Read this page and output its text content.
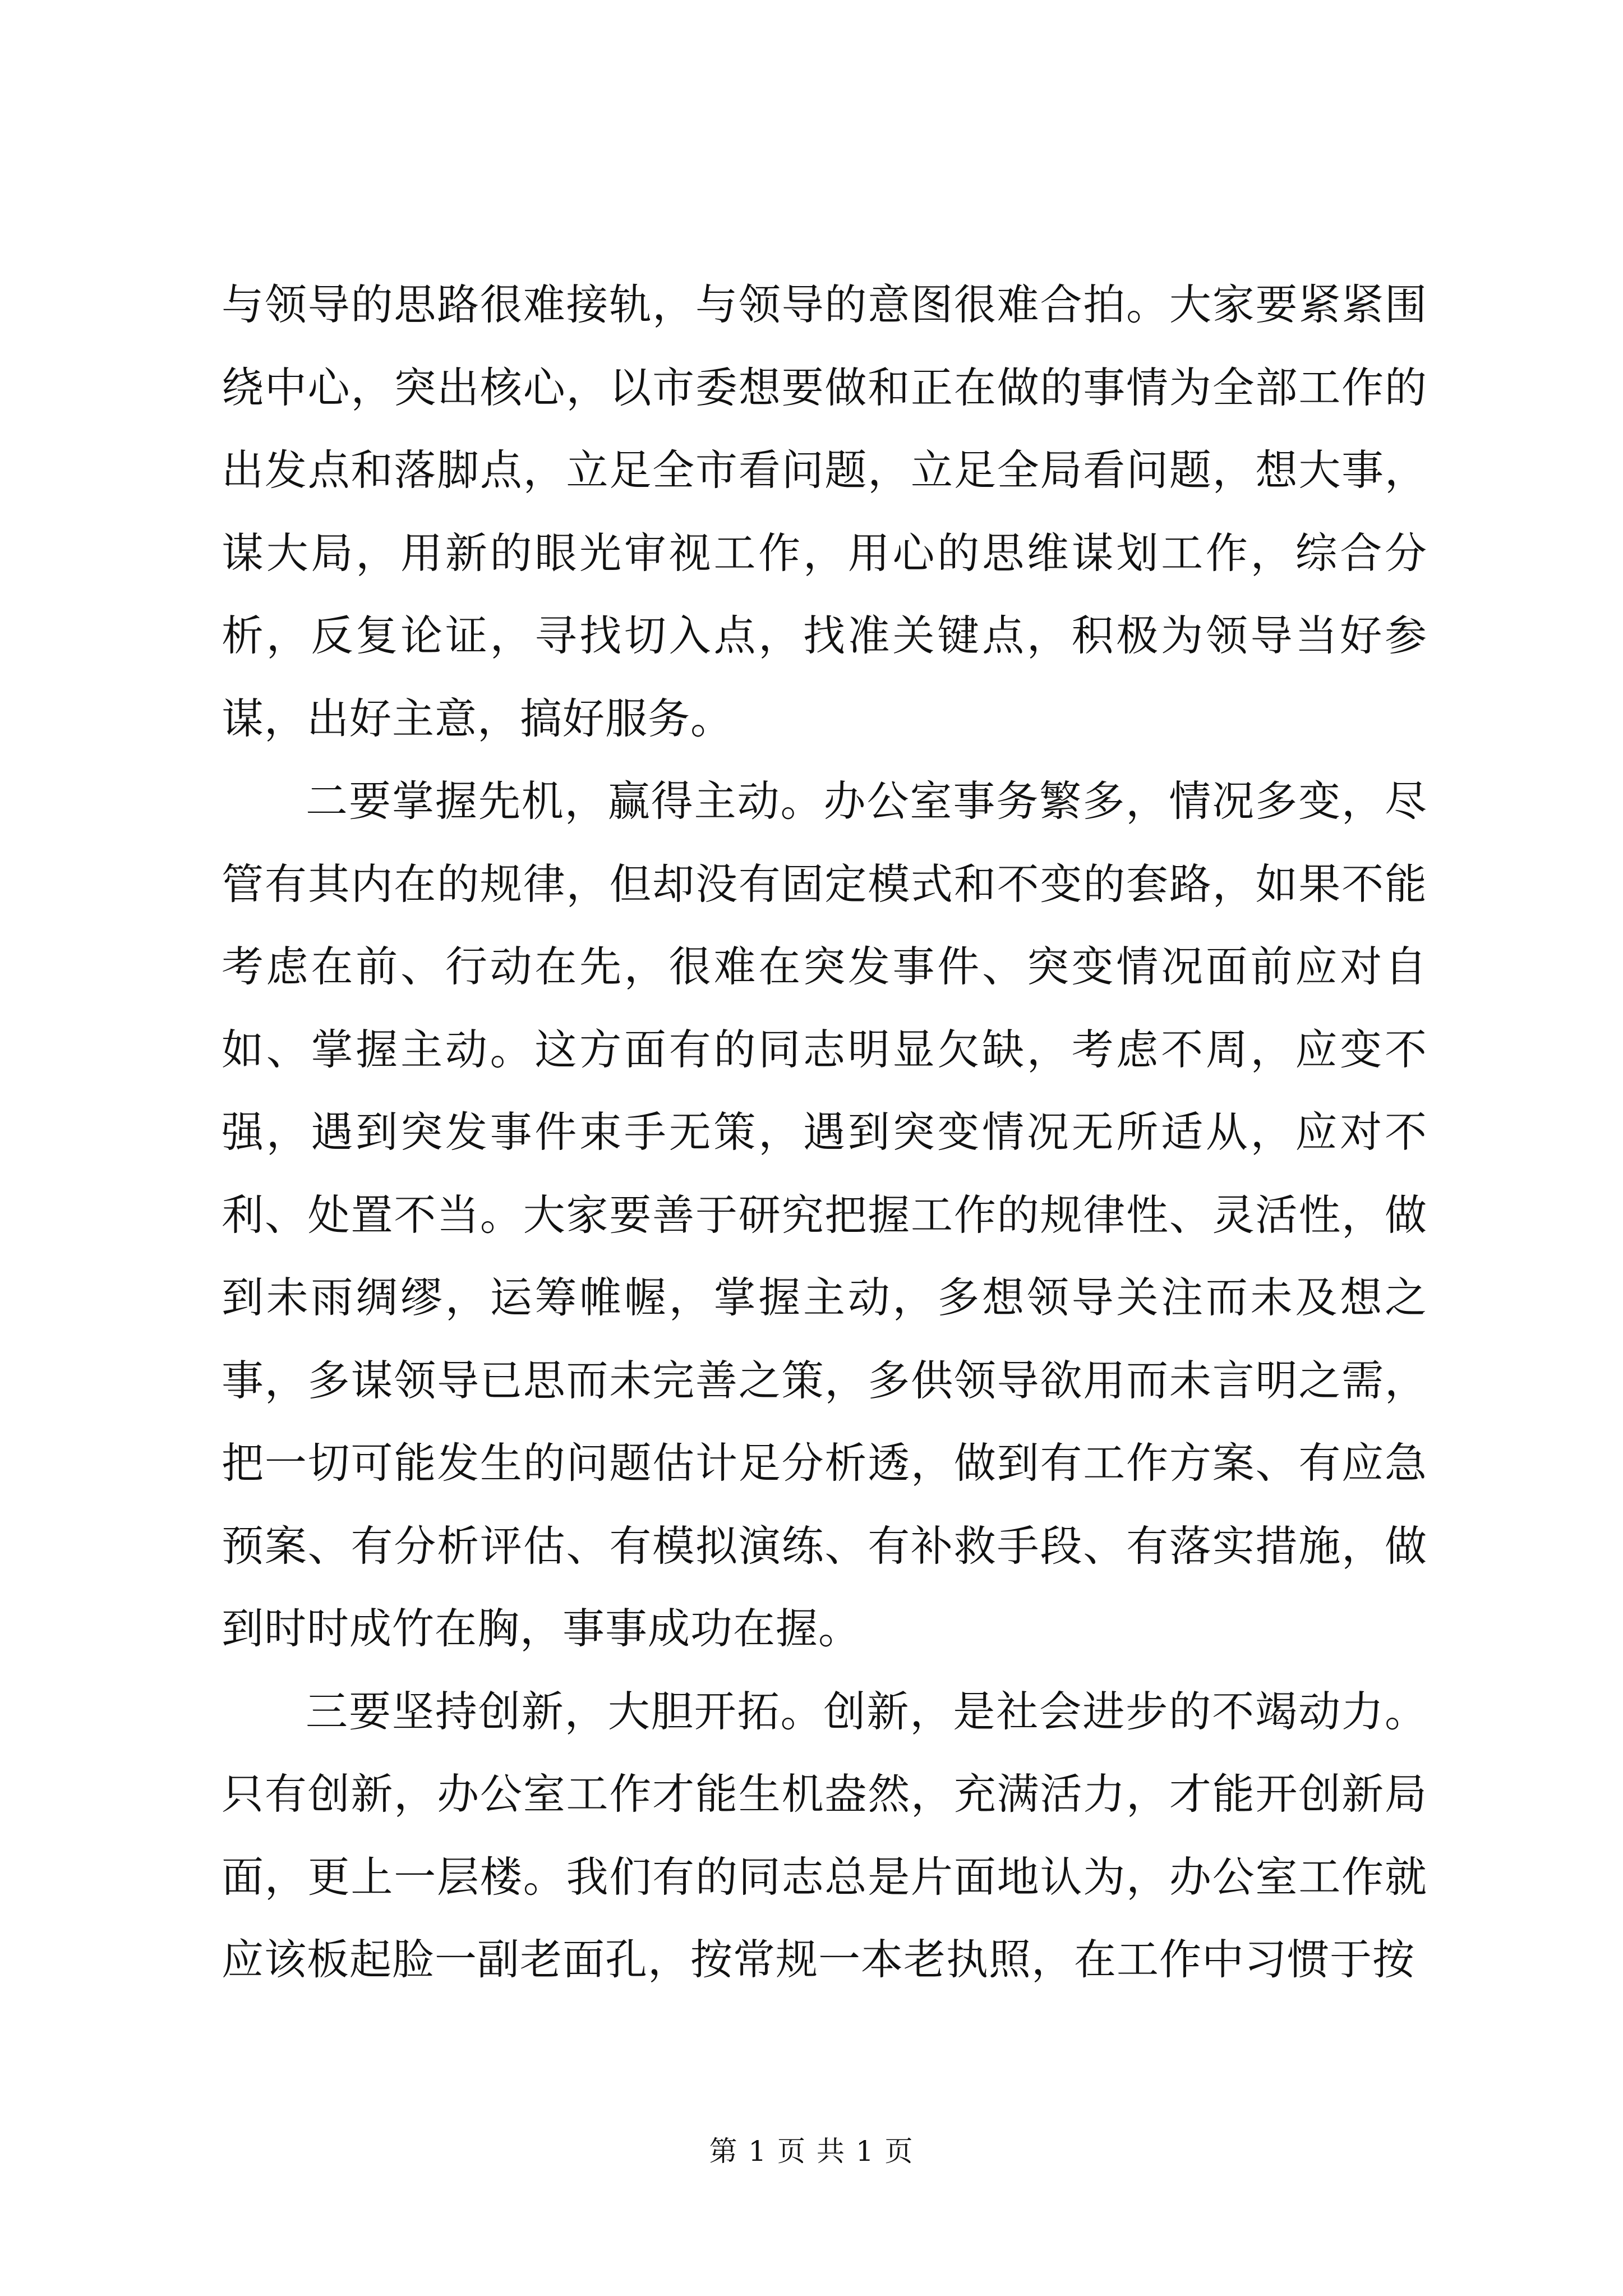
与领导的思路很难接轨，与领导的意图很难合拍。大家要紧紧围绕中心，突出核心，以市委想要做和正在做的事情为全部工作的出发点和落脚点，立足全市看问题，立足全局看问题，想大事，谋大局，用新的眼光审视工作，用心的思维谋划工作，综合分析，反复论证，寻找切入点，找准关键点，积极为领导当好参谋，出好主意，搞好服务。

二要掌握先机，赢得主动。办公室事务繁多，情况多变，尽管有其内在的规律，但却没有固定模式和不变的套路，如果不能考虑在前、行动在先，很难在突发事件、突变情况面前应对自如、掌握主动。这方面有的同志明显欠缺，考虑不周，应变不强，遇到突发事件束手无策，遇到突变情况无所适从，应对不利、处置不当。大家要善于研究把握工作的规律性、灵活性，做到未雨绸缪，运筹帷幄，掌握主动，多想领导关注而未及想之事，多谋领导已思而未完善之策，多供领导欲用而未言明之需，把一切可能发生的问题估计足分析透，做到有工作方案、有应急预案、有分析评估、有模拟演练、有补救手段、有落实措施，做到时时成竹在胸，事事成功在握。

三要坚持创新，大胆开拓。创新，是社会进步的不竭动力。只有创新，办公室工作才能生机盎然，充满活力，才能开创新局面，更上一层楼。我们有的同志总是片面地认为，办公室工作就应该板起脸一副老面孔，按常规一本老执照，在工作中习惯于按

第 1 页 共 1 页
